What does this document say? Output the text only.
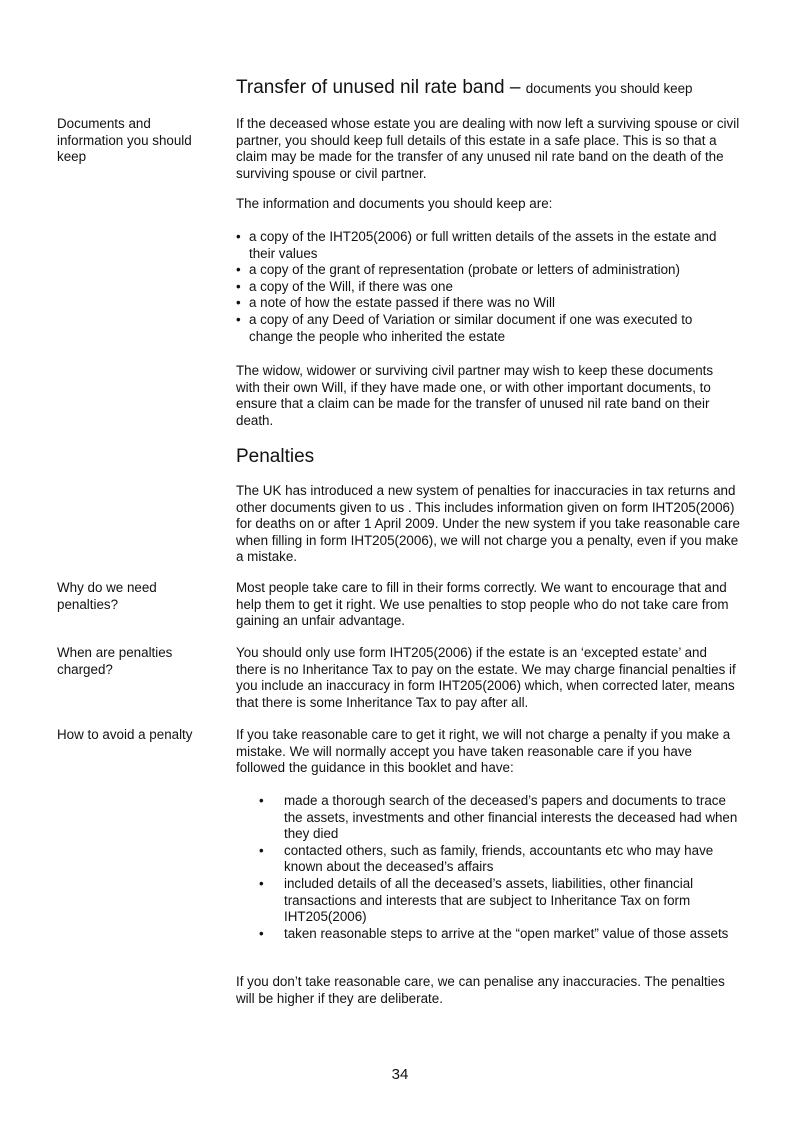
Transfer of unused nil rate band – documents you should keep
Documents and information you should keep
If the deceased whose estate you are dealing with now left a surviving spouse or civil partner, you should keep full details of this estate in a safe place. This is so that a claim may be made for the transfer of any unused nil rate band on the death of the surviving spouse or civil partner.
The information and documents you should keep are:
• a copy of the IHT205(2006) or full written details of the assets in the estate and their values
• a copy of the grant of representation (probate or letters of administration)
• a copy of the Will, if there was one
• a note of how the estate passed if there was no Will
• a copy of any Deed of Variation or similar document if one was executed to change the people who inherited the estate
The widow, widower or surviving civil partner may wish to keep these documents with their own Will, if they have made one, or with other important documents, to ensure that a claim can be made for the transfer of unused nil rate band on their death.
Penalties
The UK has introduced a new system of penalties for inaccuracies in tax returns and other documents given to us . This includes information given on form IHT205(2006) for deaths on or after 1 April 2009. Under the new system if you take reasonable care when filling in form IHT205(2006), we will not charge you a penalty, even if you make a mistake.
Why do we need penalties?
Most people take care to fill in their forms correctly. We want to encourage that and help them to get it right. We use penalties to stop people who do not take care from gaining an unfair advantage.
When are penalties charged?
You should only use form IHT205(2006) if the estate is an ‘excepted estate’ and there is no Inheritance Tax to pay on the estate. We may charge financial penalties if you include an inaccuracy in form IHT205(2006) which, when corrected later, means that there is some Inheritance Tax to pay after all.
How to avoid a penalty	If you take reasonable care to get it right, we will not charge a penalty if you make a mistake. We will normally accept you have taken reasonable care if you have followed the guidance in this booklet and have:
• made a thorough search of the deceased’s papers and documents to trace the assets, investments and other financial interests the deceased had when they died
• contacted others, such as family, friends, accountants etc who may have known about the deceased’s affairs
• included details of all the deceased’s assets, liabilities, other financial transactions and interests that are subject to Inheritance Tax on form IHT205(2006)
• taken reasonable steps to arrive at the “open market” value of those assets
If you don’t take reasonable care, we can penalise any inaccuracies. The penalties will be higher if they are deliberate.
34
